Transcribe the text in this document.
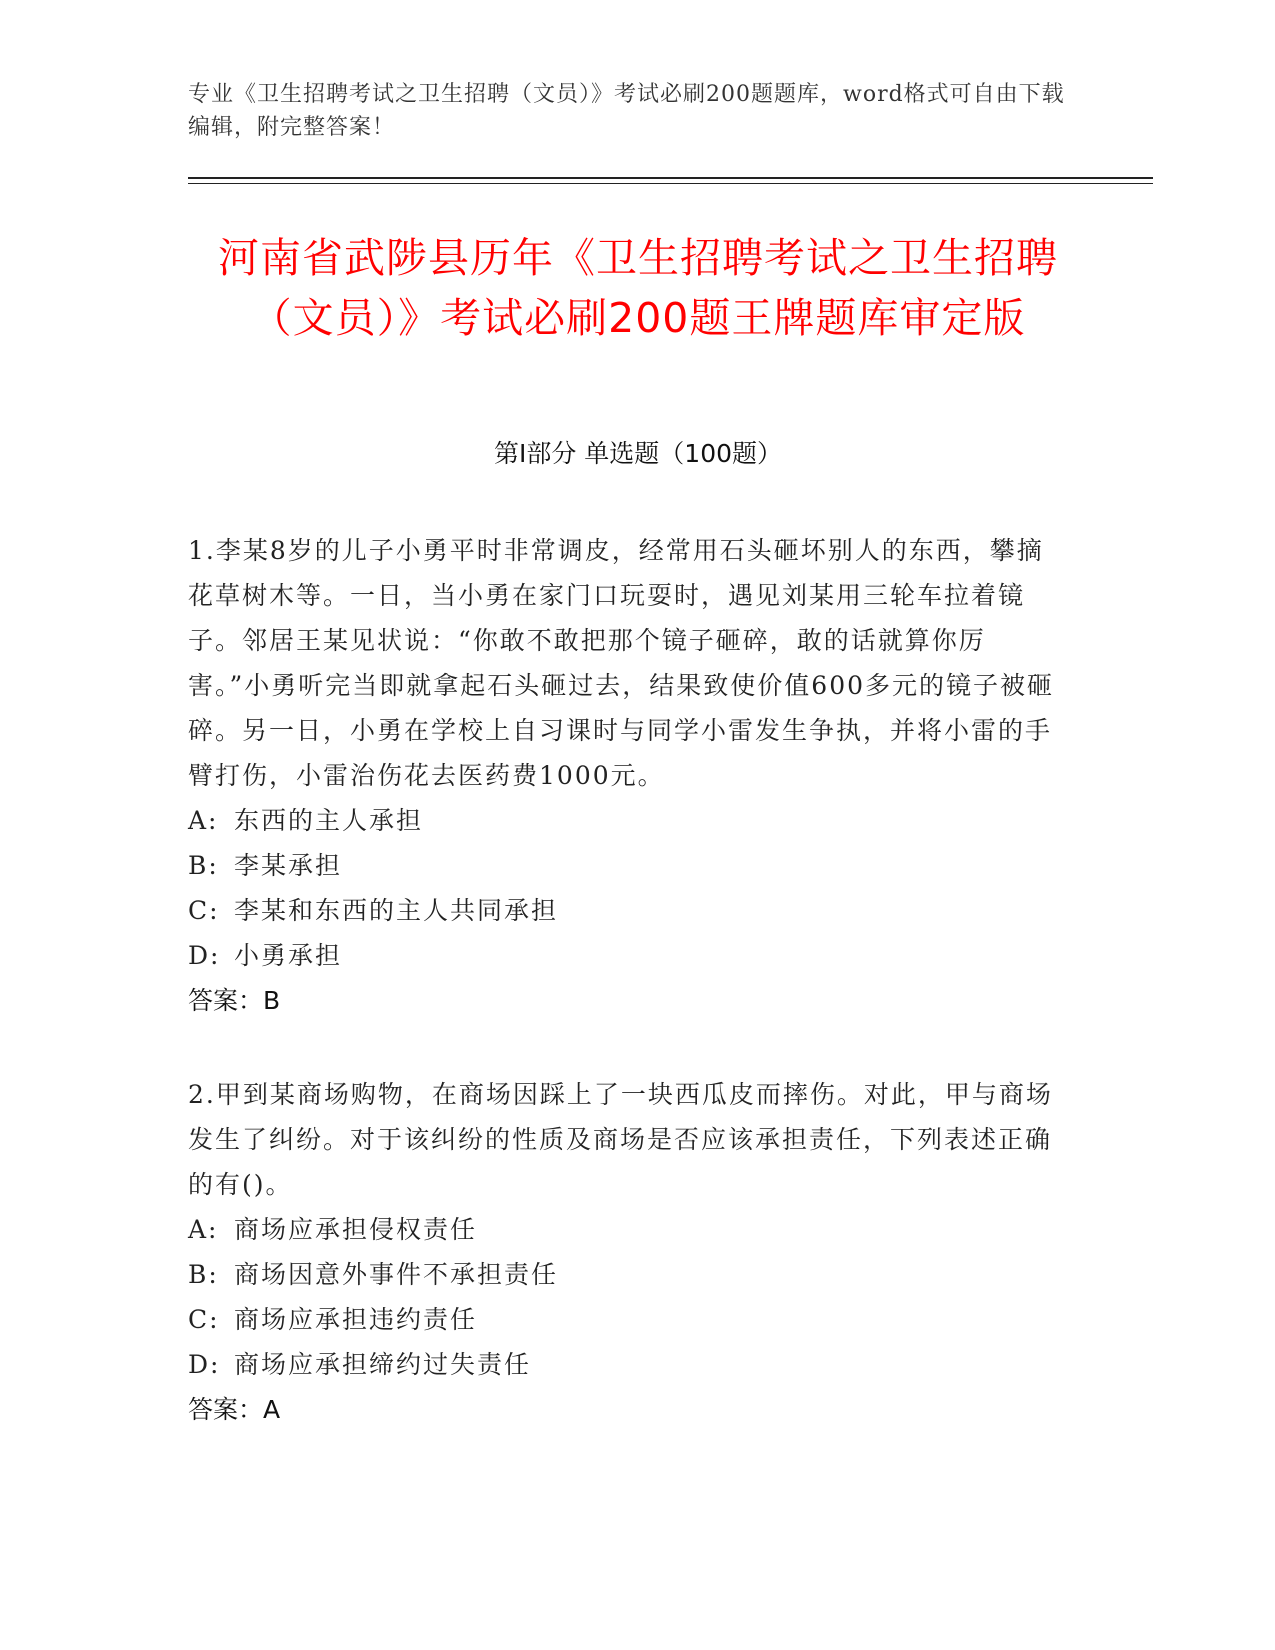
专业《卫生招聘考试之卫生招聘（文员）》考试必刷200题题库，word格式可自由下载编辑，附完整答案！
河南省武陟县历年《卫生招聘考试之卫生招聘（文员）》考试必刷200题王牌题库审定版
第Ⅰ部分 单选题（100题）
1.李某8岁的儿子小勇平时非常调皮，经常用石头砸坏别人的东西，攀摘花草树木等。一日，当小勇在家门口玩耍时，遇见刘某用三轮车拉着镜子。邻居王某见状说：“你敢不敢把那个镜子砸碎，敢的话就算你厉害。”小勇听完当即就拿起石头砸过去，结果致使价值600多元的镜子被砸碎。另一日，小勇在学校上自习课时与同学小雷发生争执，并将小雷的手臂打伤，小雷治伤花去医药费1000元。
A: 东西的主人承担
B: 李某承担
C: 李某和东西的主人共同承担
D: 小勇承担
答案：B
2.甲到某商场购物，在商场因踩上了一块西瓜皮而摔伤。对此，甲与商场发生了纠纷。对于该纠纷的性质及商场是否应该承担责任，下列表述正确的有()。
A: 商场应承担侵权责任
B: 商场因意外事件不承担责任
C: 商场应承担违约责任
D: 商场应承担缔约过失责任
答案：A
